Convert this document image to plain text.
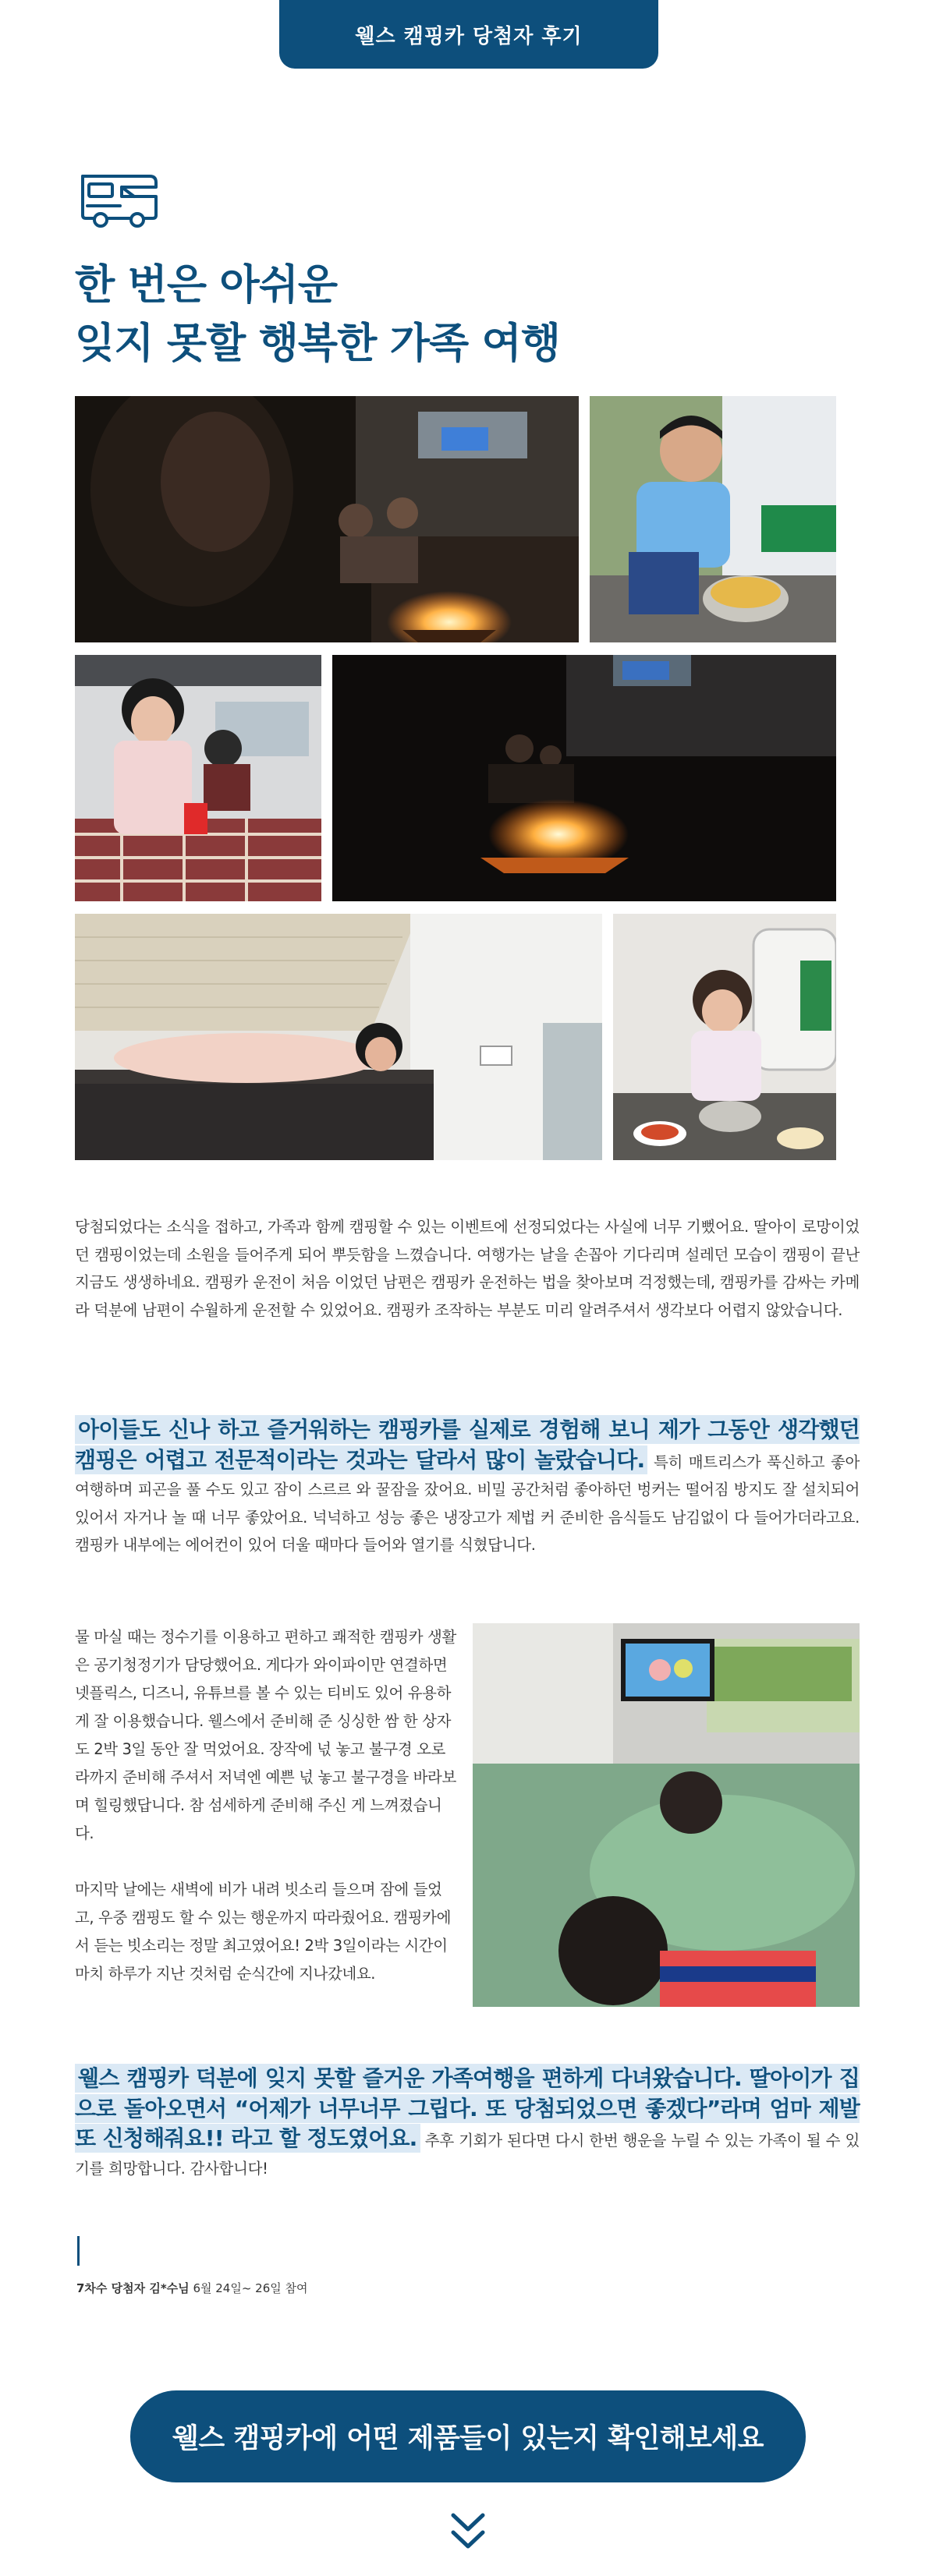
웰스 캠핑카 당첨자 후기
한 번은 아쉬운
잊지 못할 행복한 가족 여행
당첨되었다는 소식을 접하고, 가족과 함께 캠핑할 수 있는 이벤트에 선정되었다는 사실에 너무 기뻤어요. 딸아이 로망이었던 캠핑이었는데 소원을 들어주게 되어 뿌듯함을 느꼈습니다. 여행가는 날을 손꼽아 기다리며 설레던 모습이 캠핑이 끝난 지금도 생생하네요. 캠핑카 운전이 처음 이었던 남편은 캠핑카 운전하는 법을 찾아보며 걱정했는데, 캠핑카를 감싸는 카메라 덕분에 남편이 수월하게 운전할 수 있었어요. 캠핑카 조작하는 부분도 미리 알려주셔서 생각보다 어렵지 않았습니다.
아이들도 신나 하고 즐거워하는 캠핑카를 실제로 경험해 보니 제가 그동안 생각했던 캠핑은 어렵고 전문적이라는 것과는 달라서 많이 놀랐습니다. 특히 매트리스가 푹신하고 좋아 여행하며 피곤을 풀 수도 있고 잠이 스르르 와 꿀잠을 잤어요. 비밀 공간처럼 좋아하던 벙커는 떨어짐 방지도 잘 설치되어 있어서 자거나 놀 때 너무 좋았어요. 넉넉하고 성능 좋은 냉장고가 제법 커 준비한 음식들도 남김없이 다 들어가더라고요. 캠핑카 내부에는 에어컨이 있어 더울 때마다 들어와 열기를 식혔답니다.

물 마실 때는 정수기를 이용하고 편하고 쾌적한 캠핑카 생활은 공기청정기가 담당했어요. 게다가 와이파이만 연결하면 넷플릭스, 디즈니, 유튜브를 볼 수 있는 티비도 있어 유용하게 잘 이용했습니다. 웰스에서 준비해 준 싱싱한 쌈 한 상자도 2박 3일 동안 잘 먹었어요. 장작에 넋 놓고 불구경 오로라까지 준비해 주셔서 저녁엔 예쁜 넋 놓고 불구경을 바라보며 힐링했답니다. 참 섬세하게 준비해 주신 게 느껴졌습니다.

마지막 날에는 새벽에 비가 내려 빗소리 들으며 잠에 들었고, 우중 캠핑도 할 수 있는 행운까지 따라줬어요. 캠핑카에서 듣는 빗소리는 정말 최고였어요! 2박 3일이라는 시간이 마치 하루가 지난 것처럼 순식간에 지나갔네요.

웰스 캠핑카 덕분에 잊지 못할 즐거운 가족여행을 편하게 다녀왔습니다. 딸아이가 집으로 돌아오면서 “어제가 너무너무 그립다. 또 당첨되었으면 좋겠다”라며 엄마 제발 또 신청해줘요!! 라고 할 정도였어요. 추후 기회가 된다면 다시 한번 행운을 누릴 수 있는 가족이 될 수 있기를 희망합니다. 감사합니다!
7차수 당첨자 김*수님 6월 24일~ 26일 참여
웰스 캠핑카에 어떤 제품들이 있는지 확인해보세요
